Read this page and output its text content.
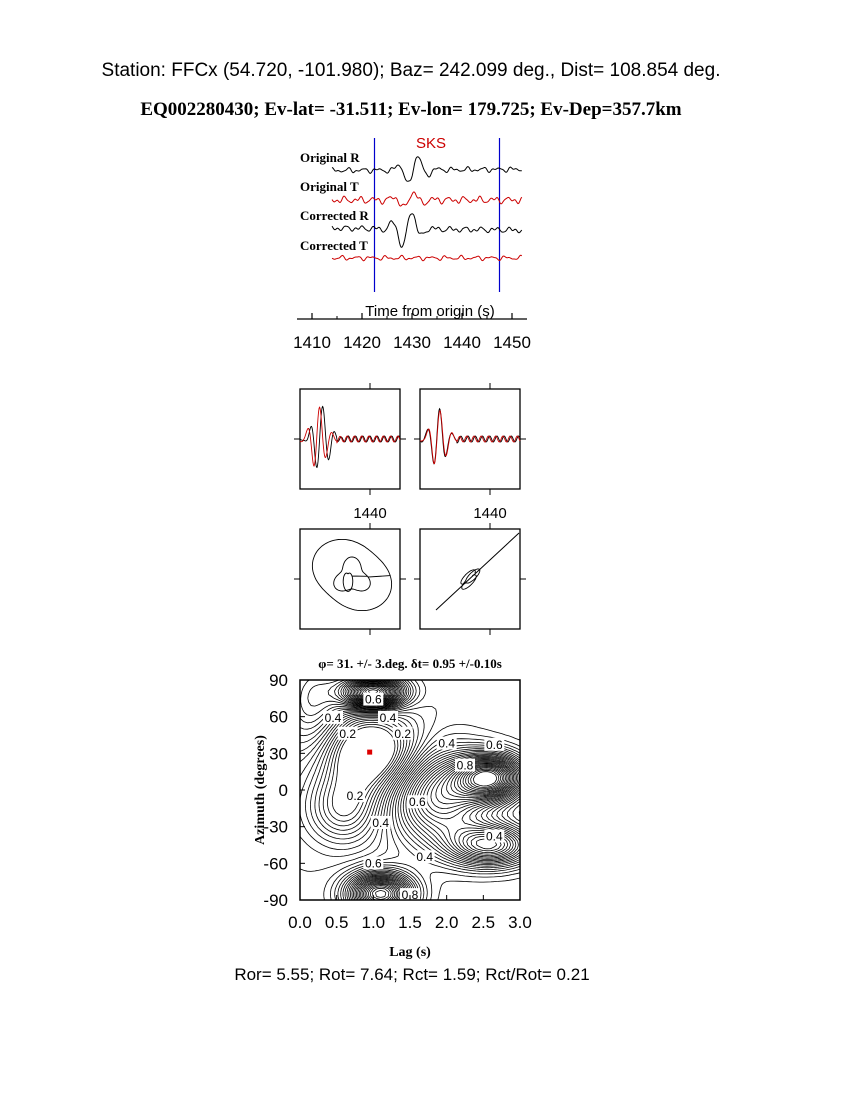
Station: FFCx (54.720, -101.980); Baz= 242.099 deg., Dist= 108.854 deg.
EQ002280430; Ev-lat= -31.511; Ev-lon= 179.725; Ev-Dep=357.7km
SKS
Original R
Original T
Corrected R
Corrected T
1410 1420 1430 1440 1450
Time from origin (s)
1440	1440
φ= 31. +/- 3.deg. δt= 0.95 +/-0.10s
0.6
0.4
0.4
0.2	0.2
0.4	0.6
0.8
0.2	0.6
0.4
0.4
0.6	0.4
0.8
0.0 0.5 1.0 1.5 2.0 2.5 3.0
90
60
30
0
-30
-60
-90
Lag (s)
Azimuth (degrees)
Ror= 5.55; Rot= 7.64; Rct= 1.59; Rct/Rot= 0.21
